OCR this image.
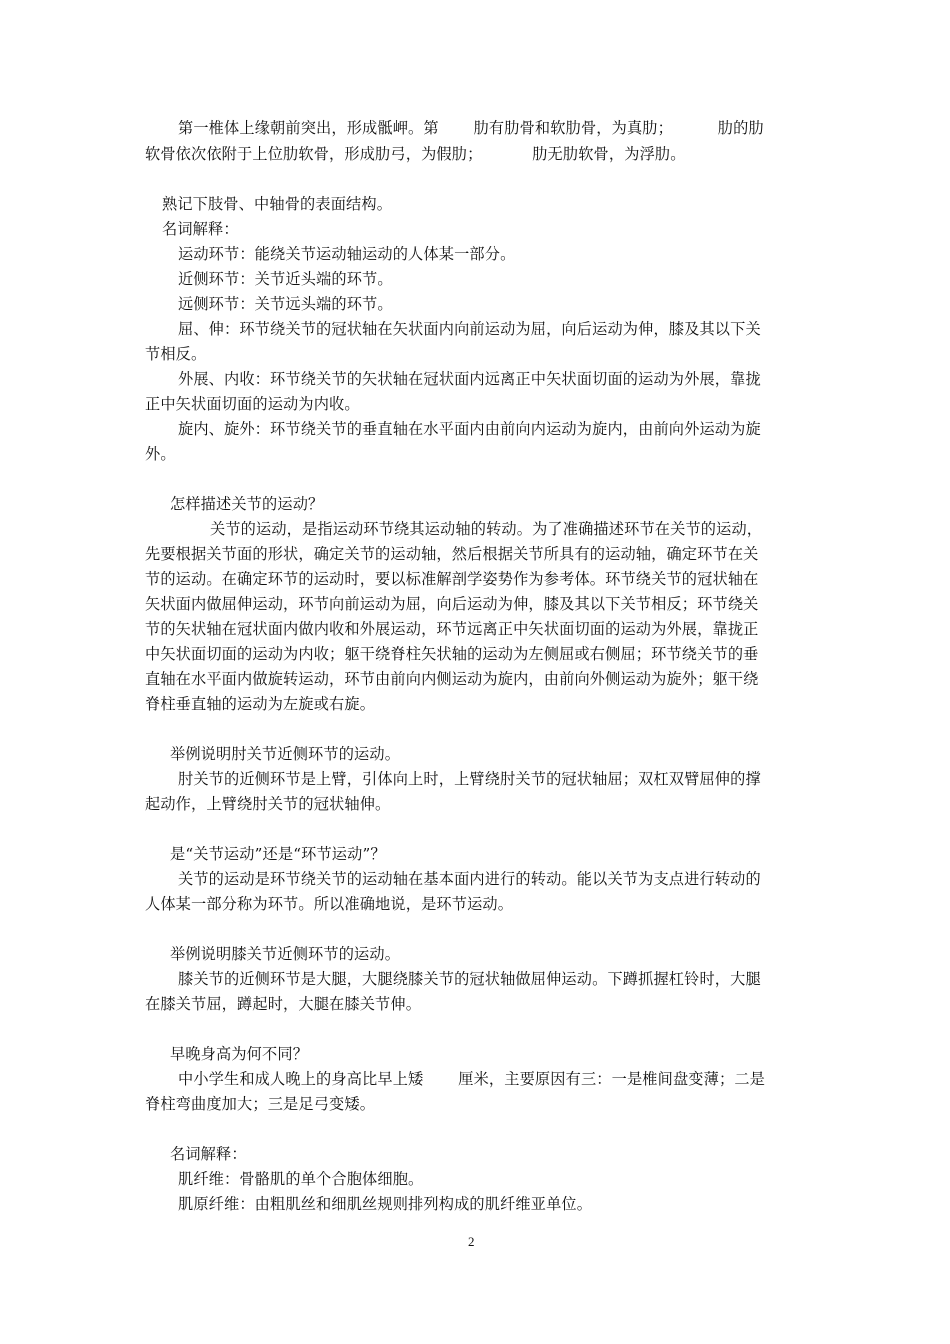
第一椎体上缘朝前突出，形成骶岬。第       肋有肋骨和软肋骨，为真肋；         肋的肋
软骨依次依附于上位肋软骨，形成肋弓，为假肋；          肋无肋软骨，为浮肋。
熟记下肢骨、中轴骨的表面结构。
名词解释：
运动环节：能绕关节运动轴运动的人体某一部分。
近侧环节：关节近头端的环节。
远侧环节：关节远头端的环节。
屈、伸：环节绕关节的冠状轴在矢状面内向前运动为屈，向后运动为伸，膝及其以下关
节相反。
外展、内收：环节绕关节的矢状轴在冠状面内远离正中矢状面切面的运动为外展，靠拢
正中矢状面切面的运动为内收。
旋内、旋外：环节绕关节的垂直轴在水平面内由前向内运动为旋内，由前向外运动为旋
外。
怎样描述关节的运动？
关节的运动，是指运动环节绕其运动轴的转动。为了准确描述环节在关节的运动，
先要根据关节面的形状，确定关节的运动轴，然后根据关节所具有的运动轴，确定环节在关
节的运动。在确定环节的运动时，要以标准解剖学姿势作为参考体。环节绕关节的冠状轴在
矢状面内做屈伸运动，环节向前运动为屈，向后运动为伸，膝及其以下关节相反；环节绕关
节的矢状轴在冠状面内做内收和外展运动，环节远离正中矢状面切面的运动为外展，靠拢正
中矢状面切面的运动为内收；躯干绕脊柱矢状轴的运动为左侧屈或右侧屈；环节绕关节的垂
直轴在水平面内做旋转运动，环节由前向内侧运动为旋内，由前向外侧运动为旋外；躯干绕
脊柱垂直轴的运动为左旋或右旋。
举例说明肘关节近侧环节的运动。
肘关节的近侧环节是上臂，引体向上时，上臂绕肘关节的冠状轴屈；双杠双臂屈伸的撑
起动作，上臂绕肘关节的冠状轴伸。
是“关节运动”还是“环节运动”？
关节的运动是环节绕关节的运动轴在基本面内进行的转动。能以关节为支点进行转动的
人体某一部分称为环节。所以准确地说，是环节运动。
举例说明膝关节近侧环节的运动。
膝关节的近侧环节是大腿，大腿绕膝关节的冠状轴做屈伸运动。下蹲抓握杠铃时，大腿
在膝关节屈，蹲起时，大腿在膝关节伸。
早晚身高为何不同？
中小学生和成人晚上的身高比早上矮       厘米，主要原因有三：一是椎间盘变薄；二是
脊柱弯曲度加大；三是足弓变矮。
名词解释：
肌纤维：骨骼肌的单个合胞体细胞。
肌原纤维：由粗肌丝和细肌丝规则排列构成的肌纤维亚单位。
2
